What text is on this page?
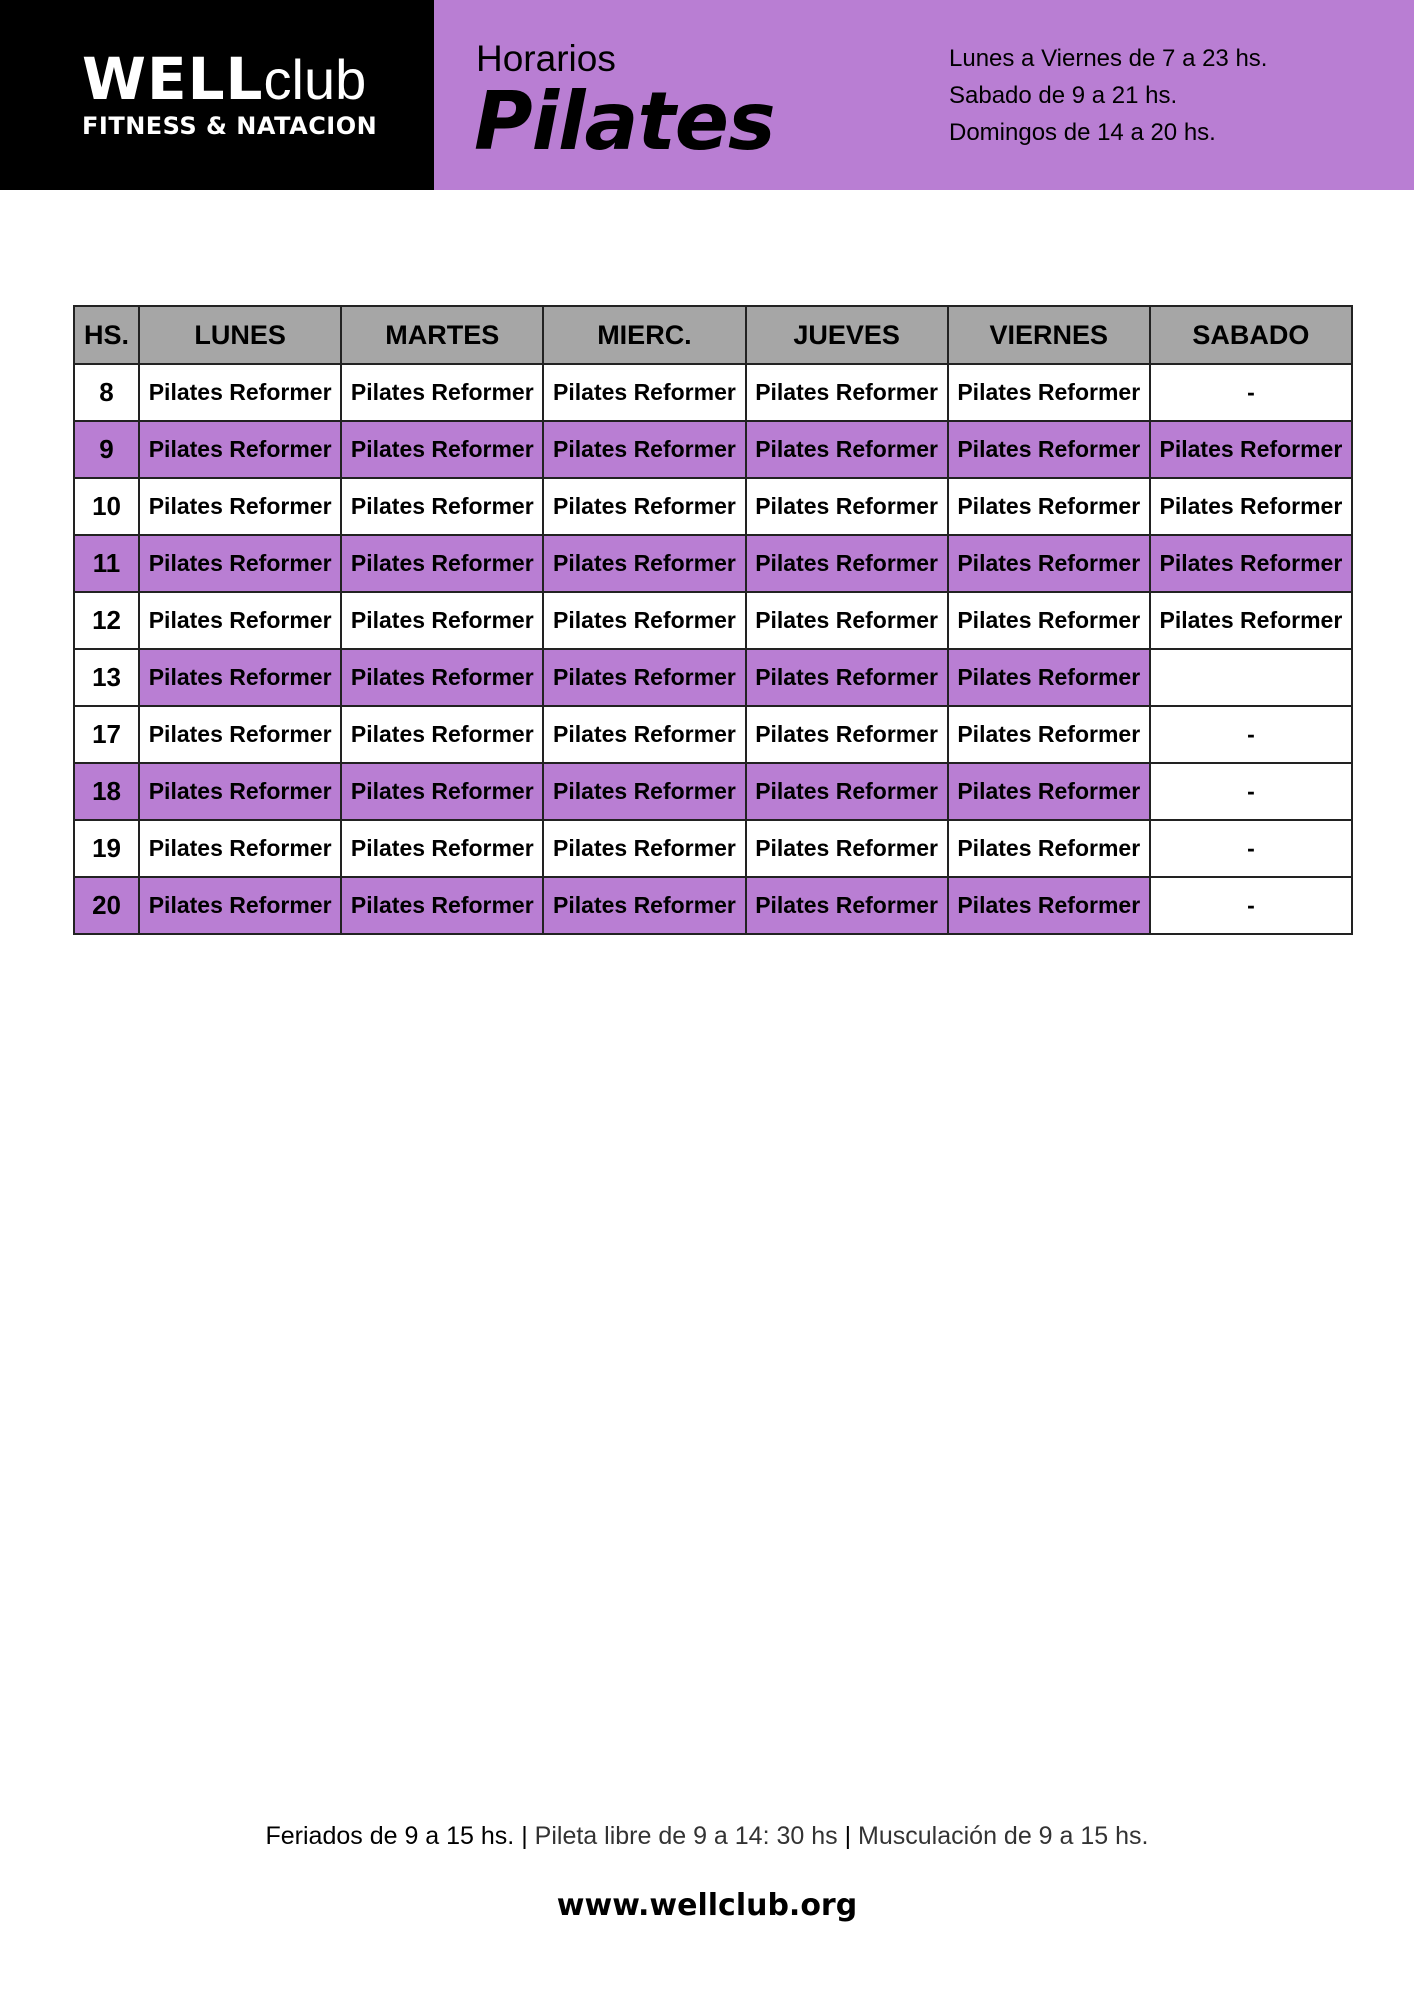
WELLclub
FITNESS & NATACION
Horarios
Pilates
Lunes a Viernes de 7 a 23 hs.
Sabado de 9 a 21 hs.
Domingos de 14 a 20 hs.
HS.	LUNES	MARTES	MIERC.	JUEVES	VIERNES	SABADO
8	Pilates Reformer	Pilates Reformer	Pilates Reformer	Pilates Reformer	Pilates Reformer	-
9	Pilates Reformer	Pilates Reformer	Pilates Reformer	Pilates Reformer	Pilates Reformer	Pilates Reformer
10	Pilates Reformer	Pilates Reformer	Pilates Reformer	Pilates Reformer	Pilates Reformer	Pilates Reformer
11	Pilates Reformer	Pilates Reformer	Pilates Reformer	Pilates Reformer	Pilates Reformer	Pilates Reformer
12	Pilates Reformer	Pilates Reformer	Pilates Reformer	Pilates Reformer	Pilates Reformer	Pilates Reformer
13	Pilates Reformer	Pilates Reformer	Pilates Reformer	Pilates Reformer	Pilates Reformer	
17	Pilates Reformer	Pilates Reformer	Pilates Reformer	Pilates Reformer	Pilates Reformer	-
18	Pilates Reformer	Pilates Reformer	Pilates Reformer	Pilates Reformer	Pilates Reformer	-
19	Pilates Reformer	Pilates Reformer	Pilates Reformer	Pilates Reformer	Pilates Reformer	-
20	Pilates Reformer	Pilates Reformer	Pilates Reformer	Pilates Reformer	Pilates Reformer	-
Feriados de 9 a 15 hs. | Pileta libre de 9 a 14: 30 hs | Musculación de 9 a 15 hs.
www.wellclub.org
